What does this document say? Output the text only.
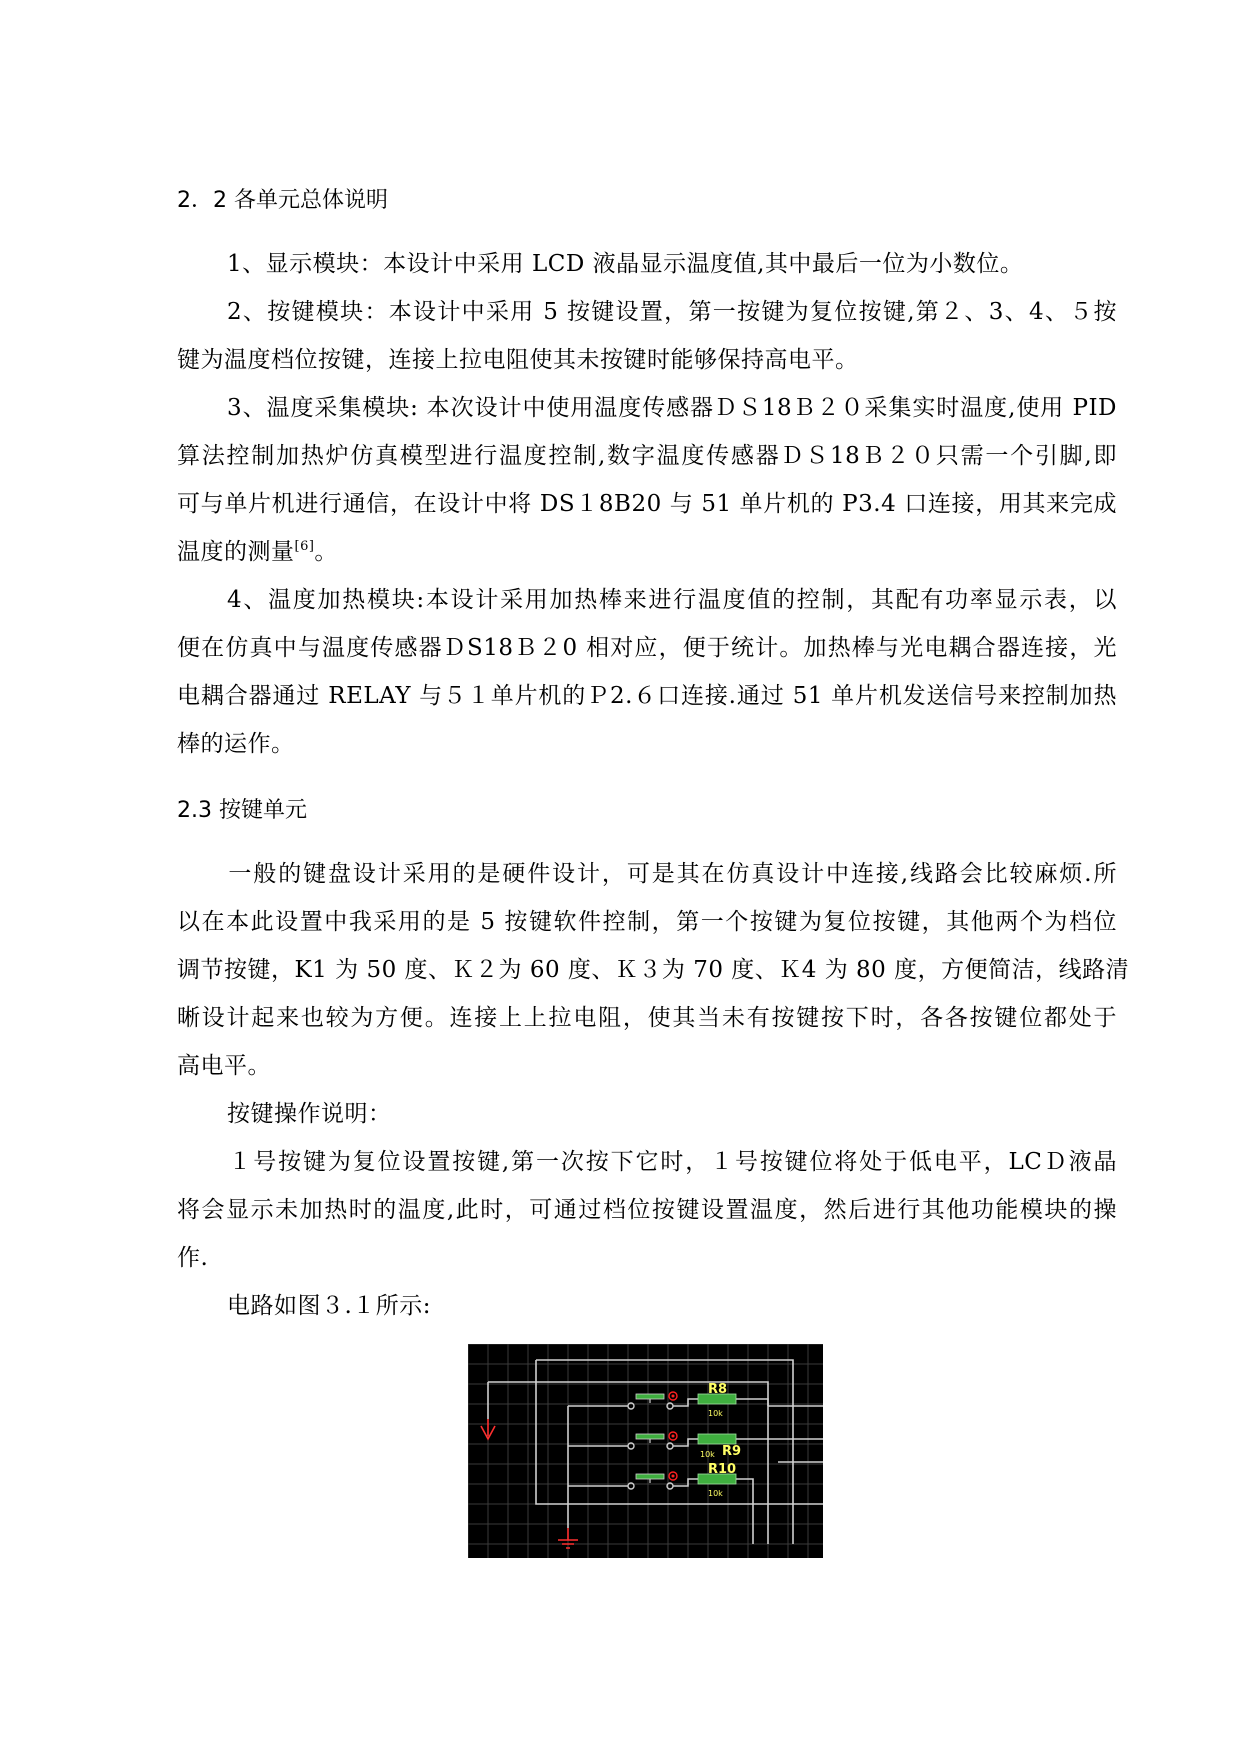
2．2 各单元总体说明
1、显示模块：本设计中采用 LCD 液晶显示温度值,其中最后一位为小数位。
2、按键模块：本设计中采用 5 按键设置，第一按键为复位按键,第２、3、4、５按
键为温度档位按键，连接上拉电阻使其未按键时能够保持高电平。
3、温度采集模块: 本次设计中使用温度传感器ＤＳ18Ｂ２０采集实时温度,使用 PID
算法控制加热炉仿真模型进行温度控制,数字温度传感器ＤＳ18Ｂ２０只需一个引脚,即
可与单片机进行通信，在设计中将 DS１8B20 与 51 单片机的 P3.4 口连接，用其来完成
温度的测量[6]。
4、温度加热模块:本设计采用加热棒来进行温度值的控制，其配有功率显示表，以
便在仿真中与温度传感器ＤS18Ｂ２0 相对应，便于统计。加热棒与光电耦合器连接，光
电耦合器通过 RELAY 与５１单片机的Ｐ2.６口连接.通过 51 单片机发送信号来控制加热
棒的运作。
2.3 按键单元
一般的键盘设计采用的是硬件设计，可是其在仿真设计中连接,线路会比较麻烦.所
以在本此设置中我采用的是 5 按键软件控制，第一个按键为复位按键，其他两个为档位
调节按键，K1 为 50 度、Ｋ２为 60 度、Ｋ３为 70 度、Ｋ4 为 80 度，方便简洁，线路清
晰设计起来也较为方便。连接上上拉电阻，使其当未有按键按下时，各各按键位都处于
高电平。
按键操作说明：
１号按键为复位设置按键,第一次按下它时，１号按键位将处于低电平，LCＤ液晶
将会显示未加热时的温度,此时，可通过档位按键设置温度，然后进行其他功能模块的操
作.
电路如图３.１所示:
R8
10k
R9
10k
R10
10k
